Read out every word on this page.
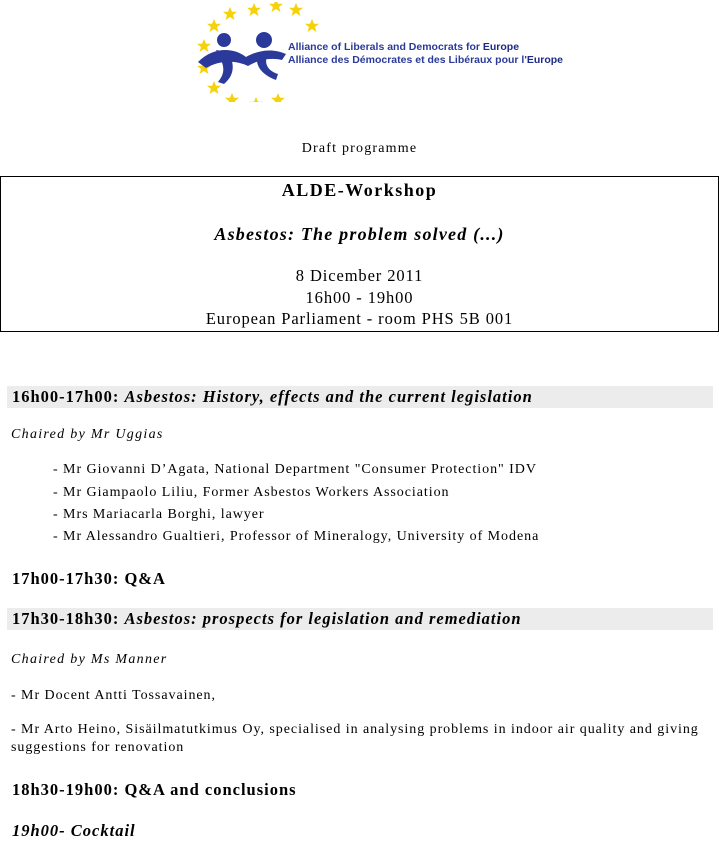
Alliance of Liberals and Democrats for Europe
Alliance des Démocrates et des Libéraux pour l'Europe
Draft programme
ALDE-Workshop
Asbestos: The problem solved (...)
8 Dicember 2011
16h00 - 19h00
European Parliament - room PHS 5B 001
16h00-17h00: Asbestos: History, effects and the current legislation
Chaired by Mr Uggias
- Mr Giovanni D’Agata, National Department "Consumer Protection" IDV
- Mr Giampaolo Liliu, Former Asbestos Workers Association
- Mrs Mariacarla Borghi, lawyer
- Mr Alessandro Gualtieri, Professor of Mineralogy, University of Modena
17h00-17h30: Q&A
17h30-18h30: Asbestos: prospects for legislation and remediation
Chaired by Ms Manner
- Mr Docent Antti Tossavainen,
- Mr Arto Heino, Sisäilmatutkimus Oy, specialised in analysing problems in indoor air quality and giving suggestions for renovation
18h30-19h00: Q&A and conclusions
19h00- Cocktail
